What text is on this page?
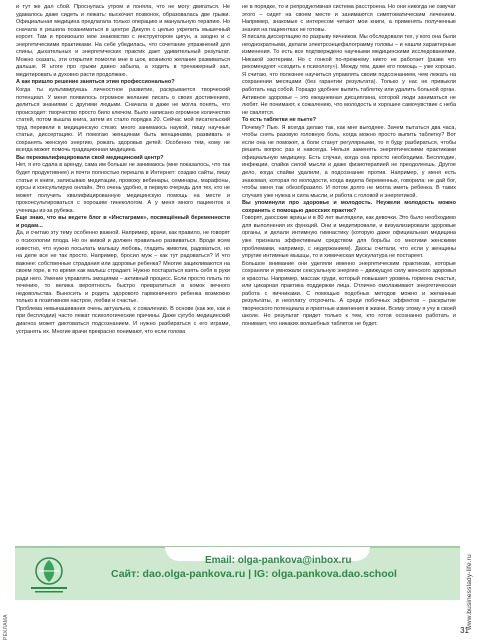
РЕКЛАМА	www.businesslady-life.ru

и тут же дал сбой. Проснулась утром и поняла, что не могу двигаться. Не удавалось даже сидеть и лежать: выскочил позвонок, образовалась две грыжи. Официальная медицина предлагала только операцию и мануальную терапию. Но сначала я решила позаниматься в центре Дикуля с целью укрепить мышечный корсет. Там и произошло мое знакомство с инструктором цигун, а заодно и с энергетическими практиками. На себе убедилась, что сочетание упражнений для спины, дыхательных и энергетических практик дает удивительный результат. Можно сказать, эти открытия помогли мне в шок, возникло желание развиваться дальше. Я ьтоге про грыжи давно забыла, а ходить в тренажерный зал, медитировать и духовно расти продолжаю.

А как пришло решение заняться этим профессионально?

Когда ты культивируешь личностное развитие, раскрывается творческий потенциал. У меня появилось огромное желание писать о своих достижениях, делиться знаниями с другими людьми. Сначала в даже не могла понять, что происходит: творчество просто било ключом. Было написано огромное количество статей, потом вышла книга, затем их стало порядка 20. Сейчас мой писательский труд перевели в медицинскую стезю: много занимаюсь наукой, пишу научные статьи, диссертацию. И помогаю женщинам быть женщинами, развивать и сохранять женскую энергию, рожать здоровых детей. Особенно тем, кому не всегда может помочь традиционная медицина.

Вы переквалифицировали свой медицинский центр?

Нет, я его сдала в аренду, сама им больше не занимаюсь (мне показалось, что так будет продуктивнее) и почти полностью перешла в Интернет: создаю сайты, пишу статьи и книги, записываю медитации, провожу вебинары, семинары, марафоны, курсы и консультирую онлайн. Это очень удобно, в первую очередь для тех, кто не может получить квалифицированную медицинскую помощь на месте и проконсультироваться с хорошим гинекологом. А у меня много пациенток и ученицы из-за рубежа.

Еще знаю, что вы ведете блог в «Инстаграме», посвящённый беременности и родам...

Да, и считаю эту тему особенно важной. Например, врачи, как правило, не говорят о психологии плода. Но он живой и должен правильно развиваться. Вроде всем известно, что нужно посылать малышу любовь, гладить животик, радоваться, но на деле все не так просто. Например, бросил муж – как тут радоваться? И что важнее: собственные страдания или здоровье ребенка? Многие зацикливаются на своем горе, в то время как малыш страдает. Нужно постараться взять себя в руки ради него. Умение управлять эмоциями – активный процесс. Если просто плыть по течению, то велика вероятность быстро превратиться в комок вечного недовольства. Выносить и родить здорового гармоничного ребенка возможно только в позитивном настрое, любви и счастье.

Проблема невынашивания очень актуальна, к сожалению. В основе (как же, как и при бесплодии) часто лежат психологические причины. Даже сугубо медицинский диагноз может диктоваться подсознанием. И нужно разбираться с его играми, устранять их. Многие врачи прекрасно понимают, что если голова

не в порядке, то и репродуктивная система расстроена. Но они никогда не озвучат этого – сидят на своем месте и занимаются симптоматическим лечением. Например, знакомые с интересом читают мои книги, а применять полученные знания на пациентках не готовы.

Я писала диссертацию по разрыву яичников. Мы обследовали тех, у кого она были неоднократными, делали электроэнцефалограмму головы – и нашли характерные изменения. То есть все подтверждено научными медицинскими исследованиями. Никакой эзотерики. Но с гонкой по-прежнему никто не работает (разве что рекомендуют «сходить к психологу»). Между тем, даже его помощь – уже хорошо. Я считаю, что полезнее научиться управлять своим подсознанием, чем лежать на сохранении месяцами (без гарантии результата). Только у нас не привыкли работать над собой. Гораздо удобнее выпить таблетку или удалить больной орган. Активное здоровье – это ежедневная дисциплина, которой люди заниматься не любят. Не понимают, к сожалению, что молодость и хорошее самочувствие с неба не свалятся.

То есть таблетки не пьете?

Почему? Пью. Я всегда делаю так, как мне выгоднее. Зачем пытаться два часа, чтобы снять разовую головную боль, когда можно просто выпить таблетку? Вот если она не поможет, а боли станут регулярными, то я буду разбираться, чтобы решить вопрос раз и навсегда. Нельзя заменять энергетическими практиками официальную медицину. Есть случаи, когда она просто необходима. Бесплодие, инфекции, спайки силой мысли и даже физиотерапией не преодолеешь. Другое дело, когда спайки удалили, а подсознание против. Например, у меня есть знакомая, которая по молодости, когда видела беременных, говорила: не дай бог, чтобы меня так обезобразило. И потом долго не могла иметь ребенка. В таких случаях уже нужна и сила мысли, и работа с головой и энергетикой.

Вы упомянули про здоровье и молодость. Неужели молодость можно сохранить с помощью даосских практик?

Говорят, даосские жрицы и в 80 лет выглядели, как девочки. Это было необходимо для выполнения их функций. Они и медитировали, и визуализировали здоровые органы, и делали интимную гимнастику (которую даже официальная медицина уже признала эффективным средством для борьбы со многими женскими проблемами, например, с недержанием). Даосы считали, что если у женщины упругие интимные мышцы, то и химическая мускулатура не постареет.

Большое внимание они уделяли именно энергетическим практикам, которые сохраняли и умножали сексуальную энергию – движущую силу женского здоровья и красоты. Например, массаж груди, который повышает уровень гормона счастья, или цикарная практика поддержки лица. Отлично омолаживают энергетическая работа с яичниками. С помощью подобных методов можно и желанные результаты, и неоплату отсрочить. А среди побочных эффектов – раскрытие творческого потенциала и приятные изменения в жизни. Всему этому я учу в своей школе. Но результат придет только к тем, кто готов осознанно работать и понимает, что никаких волшебных таблеток не будет.

Email: olga-pankova@inbox.ru
Сайт: dao.olga-pankova.ru | IG: olga.pankova.dao.school
31
